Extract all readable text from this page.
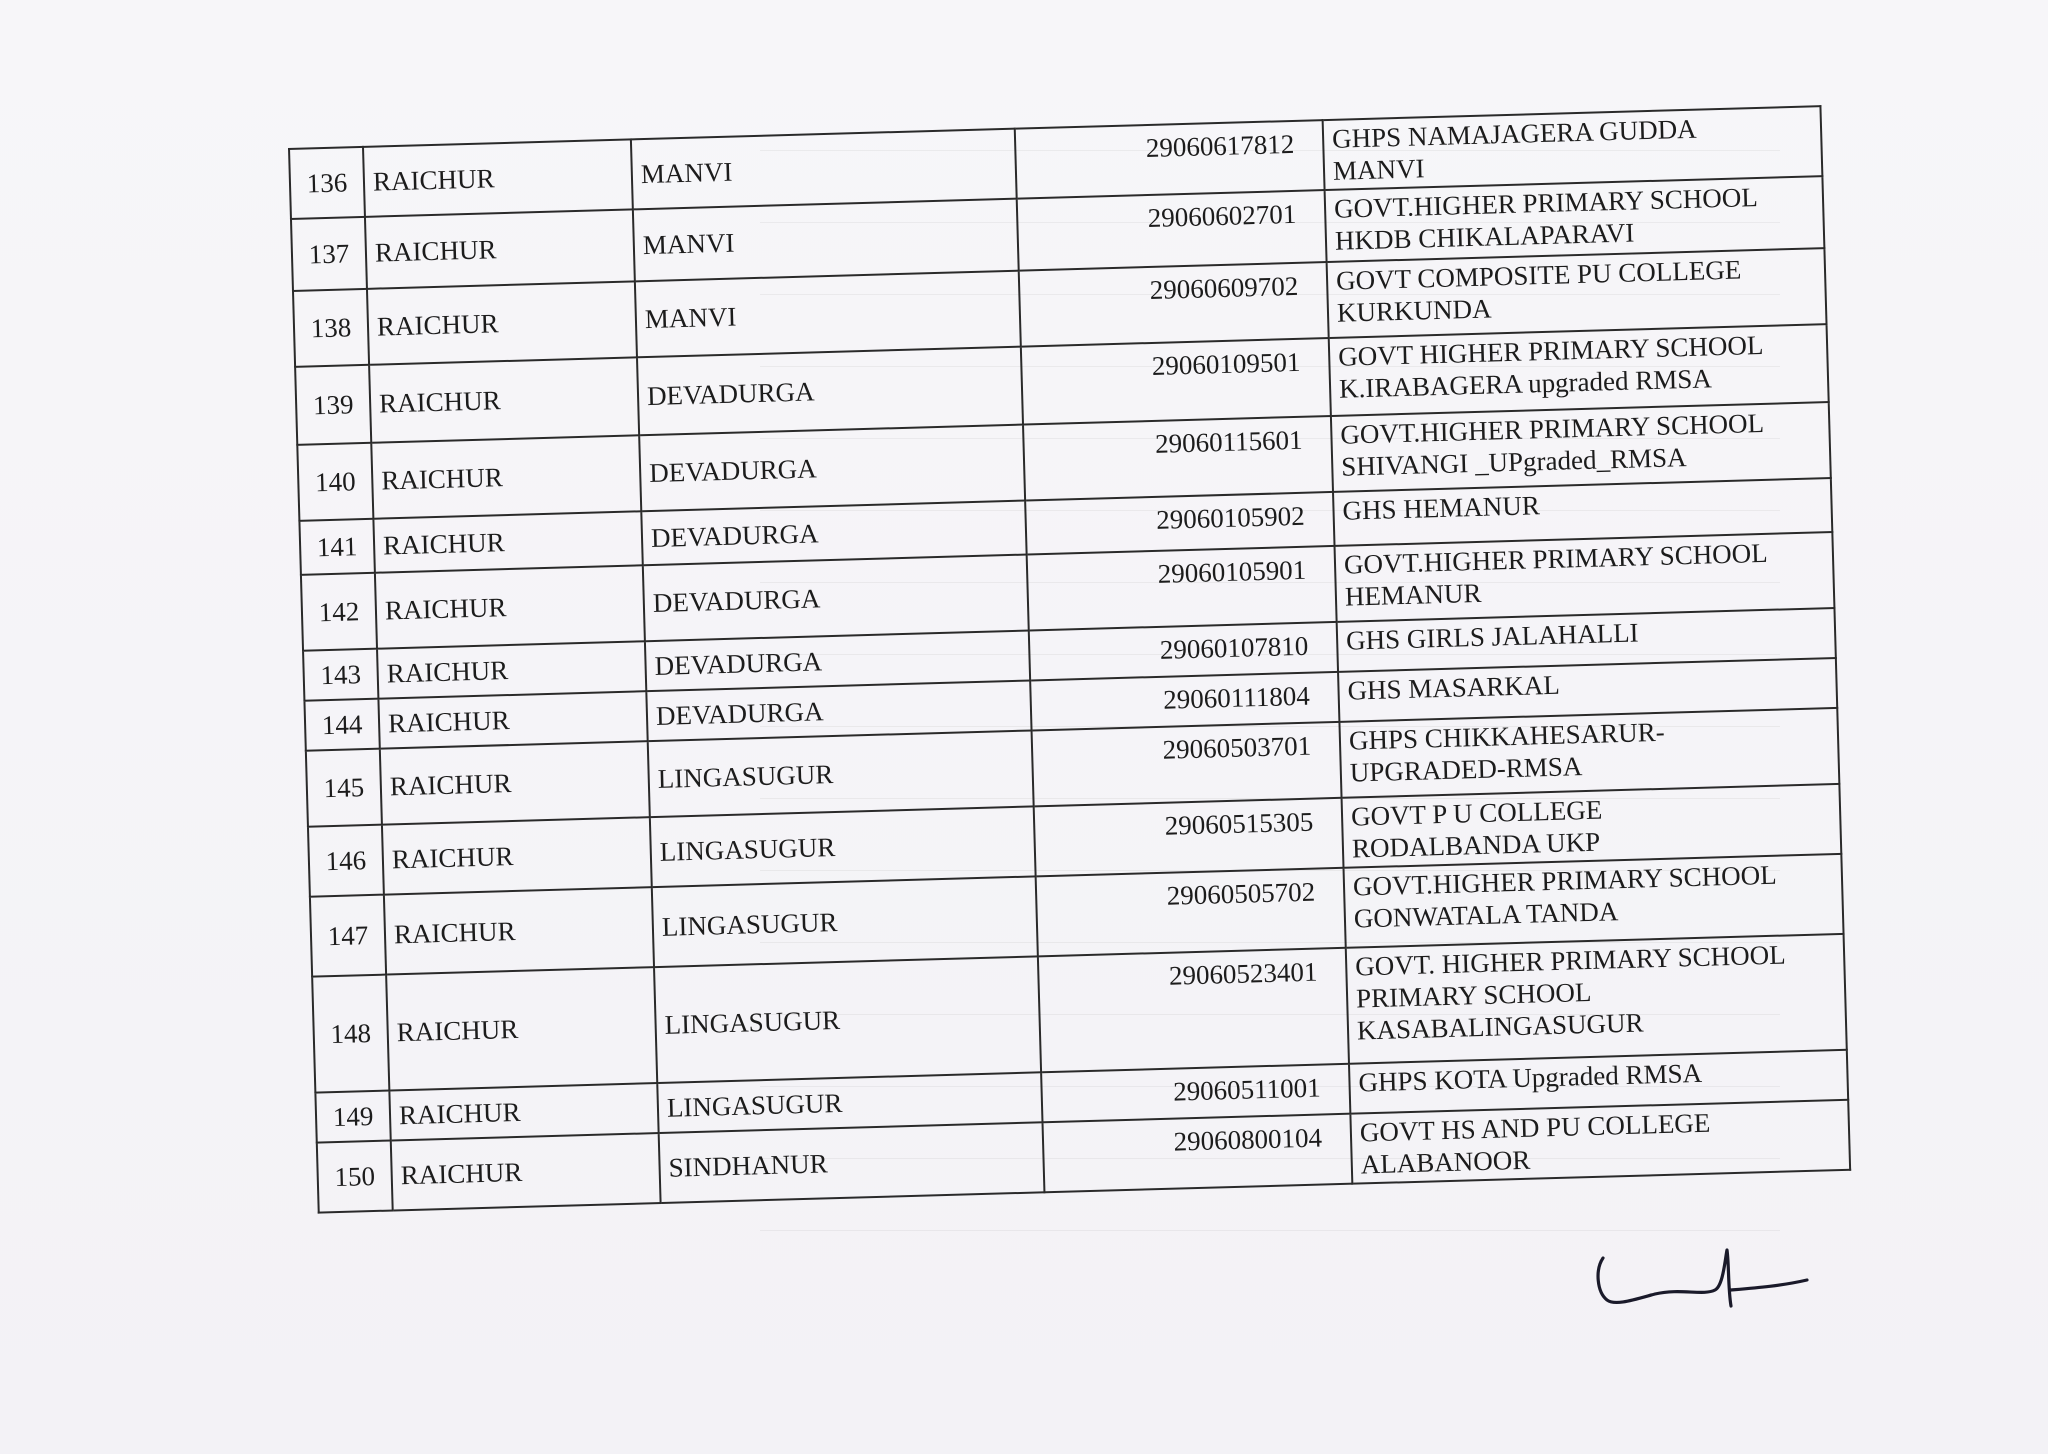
136	RAICHUR	MANVI	29060617812	GHPS NAMAJAGERA GUDDA
MANVI

137	RAICHUR	MANVI	29060602701	GOVT.HIGHER PRIMARY SCHOOL
HKDB CHIKALAPARAVI

138	RAICHUR	MANVI	29060609702	GOVT COMPOSITE PU COLLEGE
KURKUNDA

139	RAICHUR	DEVADURGA	29060109501	GOVT HIGHER PRIMARY SCHOOL
K.IRABAGERA upgraded RMSA

140	RAICHUR	DEVADURGA	29060115601	GOVT.HIGHER PRIMARY SCHOOL
SHIVANGI _UPgraded_RMSA

141	RAICHUR	DEVADURGA	29060105902	GHS HEMANUR

142	RAICHUR	DEVADURGA	29060105901	GOVT.HIGHER PRIMARY SCHOOL
HEMANUR

143	RAICHUR	DEVADURGA	29060107810	GHS GIRLS JALAHALLI

144	RAICHUR	DEVADURGA	29060111804	GHS MASARKAL

145	RAICHUR	LINGASUGUR	29060503701	GHPS CHIKKAHESARUR-
UPGRADED-RMSA

146	RAICHUR	LINGASUGUR	29060515305	GOVT P U COLLEGE
RODALBANDA UKP

147	RAICHUR	LINGASUGUR	29060505702	GOVT.HIGHER PRIMARY SCHOOL
GONWATALA TANDA

148	RAICHUR	LINGASUGUR	29060523401	GOVT. HIGHER PRIMARY SCHOOL
PRIMARY SCHOOL
KASABALINGASUGUR

149	RAICHUR	LINGASUGUR	29060511001	GHPS KOTA Upgraded RMSA

150	RAICHUR	SINDHANUR	29060800104	GOVT HS AND PU COLLEGE
ALABANOOR
